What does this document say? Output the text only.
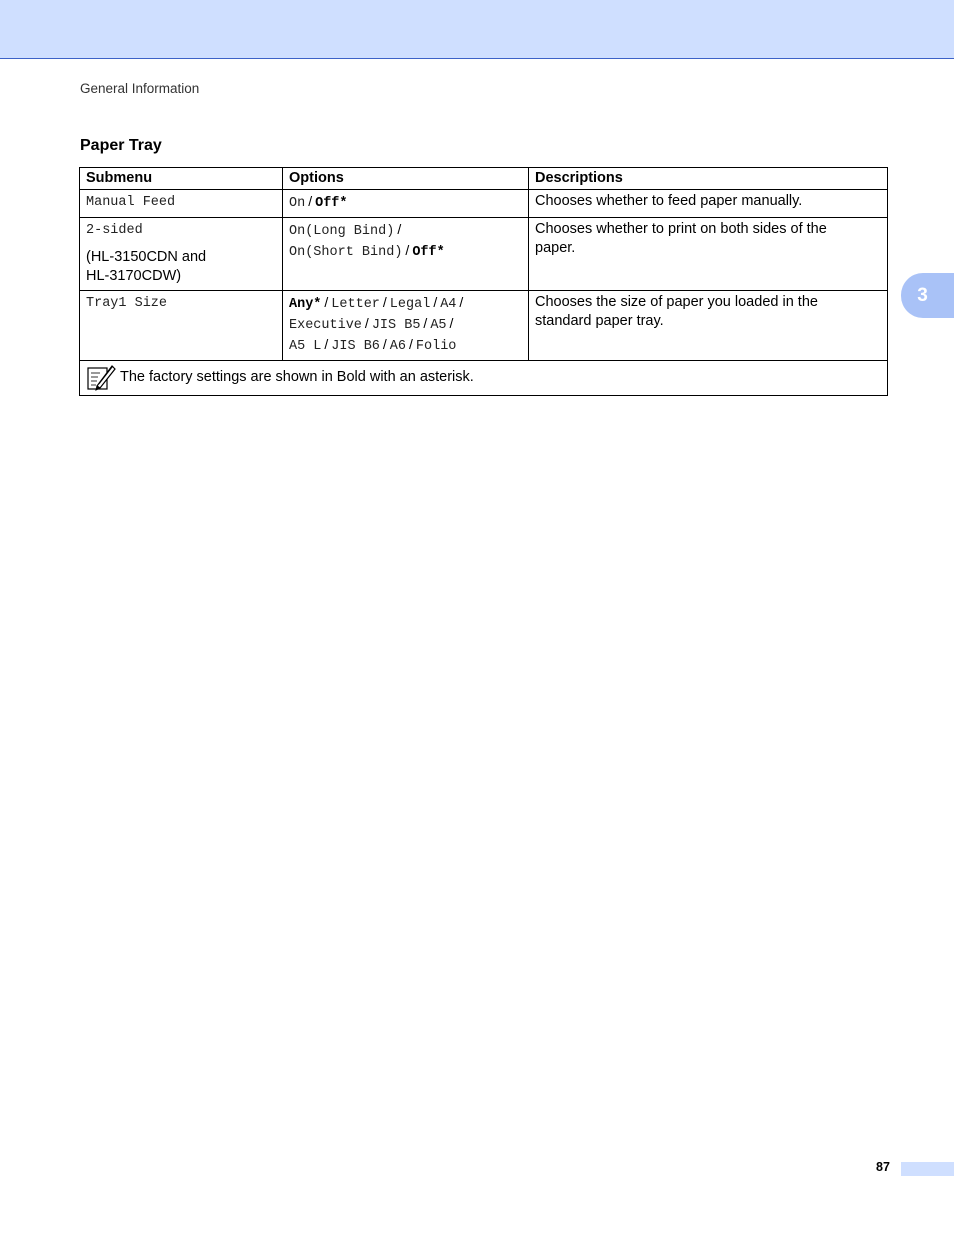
General Information
3
Paper Tray
Submenu	Options	Descriptions
Manual Feed	On / Off*	Chooses whether to feed paper manually.
2-sided
(HL-3150CDN and
HL-3170CDW)	On(Long Bind) /
On(Short Bind) / Off*	Chooses whether to print on both sides of the
paper.
Tray1 Size	Any* / Letter / Legal / A4 /
Executive / JIS B5 / A5 /
A5 L / JIS B6 / A6 / Folio	Chooses the size of paper you loaded in the
standard paper tray.

The factory settings are shown in Bold with an asterisk.		
87
